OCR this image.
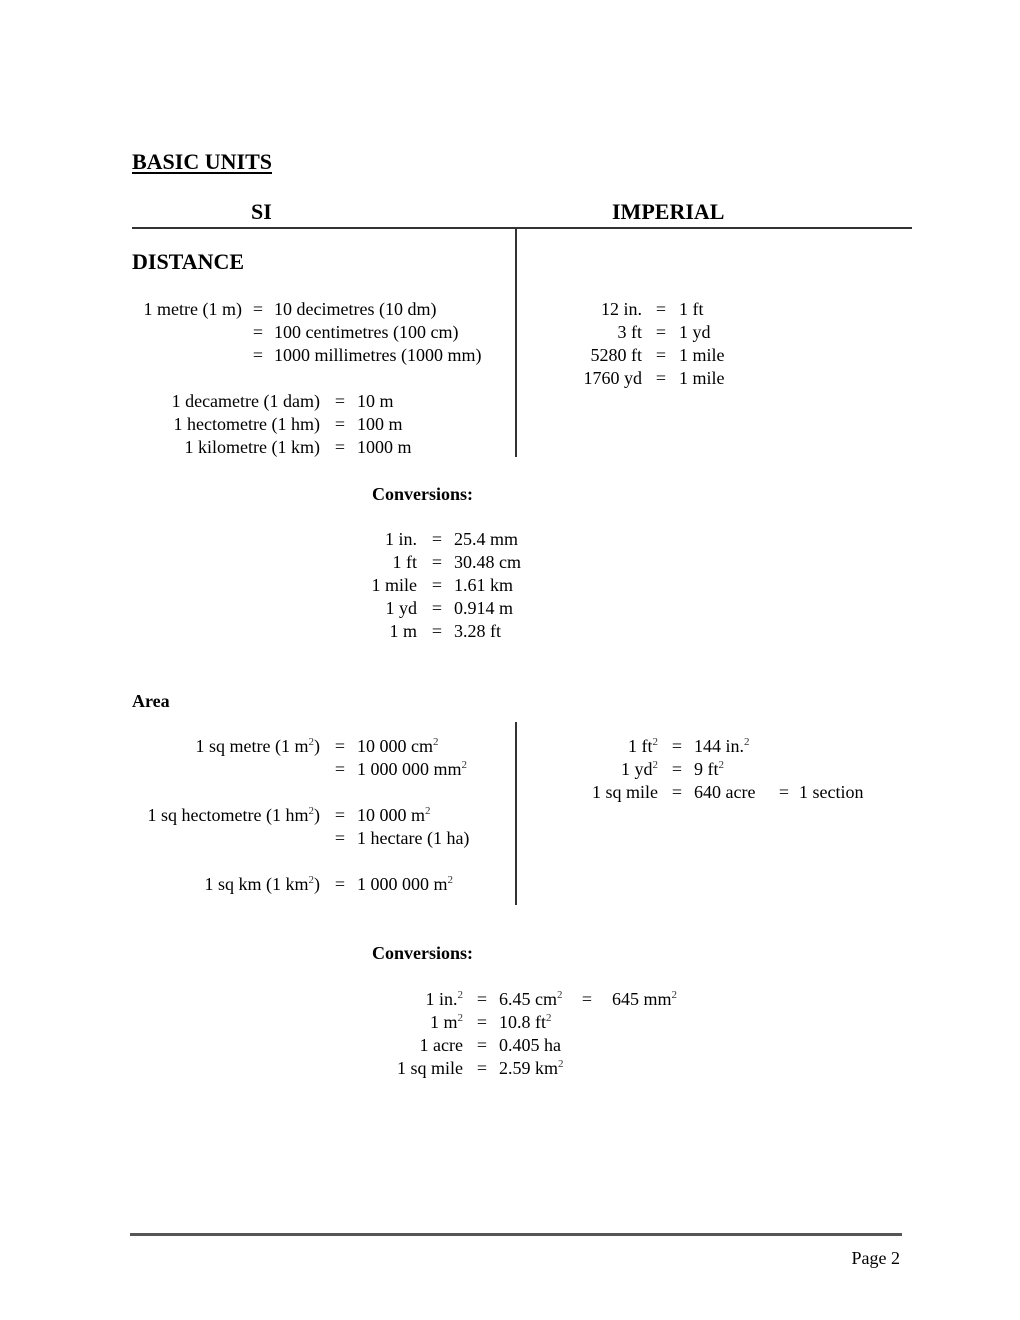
BASIC UNITS
SI	IMPERIAL
DISTANCE
1 metre (1 m) = 10 decimetres (10 dm)
= 100 centimetres (100 cm)
= 1000 millimetres (1000 mm)
1 decametre (1 dam) = 10 m
1 hectometre (1 hm) = 100 m
1 kilometre (1 km) = 1000 m
12 in. = 1 ft
3 ft = 1 yd
5280 ft = 1 mile
1760 yd = 1 mile
Conversions:
1 in. = 25.4 mm
1 ft = 30.48 cm
1 mile = 1.61 km
1 yd = 0.914 m
1 m = 3.28 ft
Area
1 sq metre (1 $m^2) = 10$ 000 $cm^2$
= 1 000 000 $mm^2$
1 sq hectometre (1 $hm^2) = 10$ 000 $m^2$
= 1 hectare (1 ha)
1 sq km (1 $km^2) = 1$ 000 000 $m^2$
1 $ft^2 = 144$ in.$^2$
1 $yd^2 = 9$ $ft^2$
1 sq mile = 640 acre = 1 section
Conversions:
1 in.$^2$ = 6.45 $cm^2 = 645$ $mm^2$
1 $m^2 = 10.8$ $ft^2$
1 acre = 0.405 ha
1 sq mile = 2.59 $km^2$
Page 2
